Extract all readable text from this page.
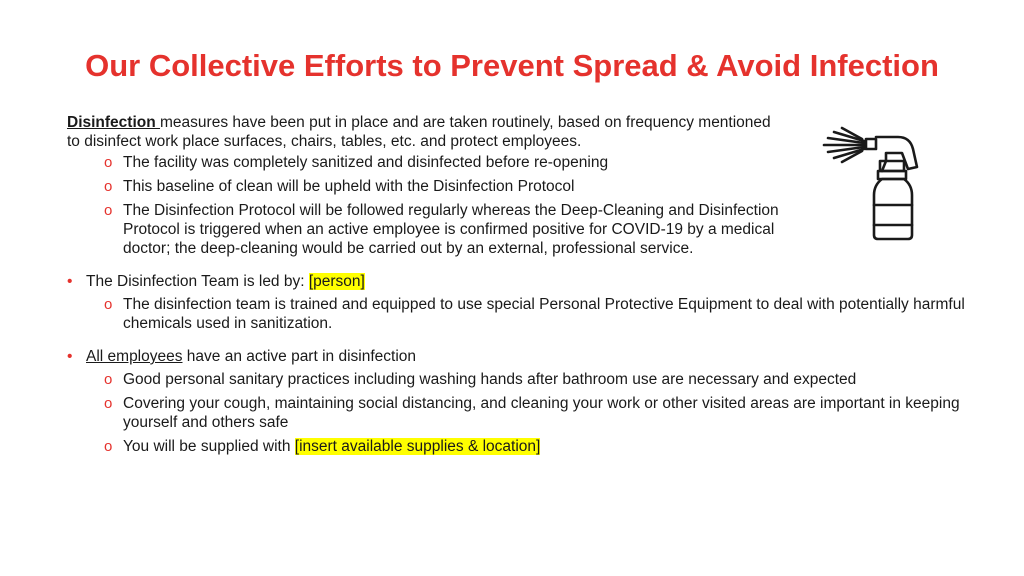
Our Collective Efforts to Prevent Spread & Avoid Infection

Disinfection measures have been put in place and are taken routinely, based on frequency mentioned to disinfect work place surfaces, chairs, tables, etc. and protect employees.

o The facility was completely sanitized and disinfected before re-opening
o This baseline of clean will be upheld with the Disinfection Protocol
o The Disinfection Protocol will be followed regularly whereas the Deep-Cleaning and Disinfection Protocol is triggered when an active employee is confirmed positive for COVID-19 by a medical doctor; the deep-cleaning would be carried out by an external, professional service.
• The Disinfection Team is led by: [person]
o The disinfection team is trained and equipped to use special Personal Protective Equipment to deal with potentially harmful chemicals used in sanitization.
• All employees have an active part in disinfection
o Good personal sanitary practices including washing hands after bathroom use are necessary and expected
o Covering your cough, maintaining social distancing, and cleaning your work or other visited areas are important in keeping yourself and others safe
o You will be supplied with [insert available supplies & location]
